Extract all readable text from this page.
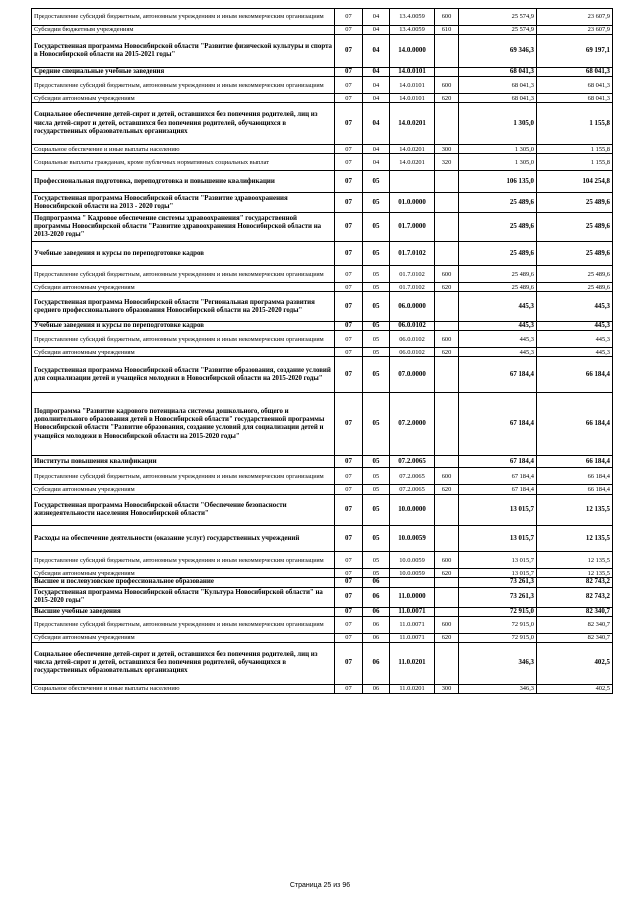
Предоставление субсидий бюджетным, автономным учреждениям и иным некоммерческим организациям	07	04	13.4.0059	600	25 574,9	23 607,9
Субсидии бюджетным учреждениям	07	04	13.4.0059	610	25 574,9	23 607,9
Государственная программа Новосибирской области "Развитие физической культуры и спорта в Новосибирской области на 2015-2021 годы"	07	04	14.0.0000		69 346,3	69 197,1
Средние специальные учебные заведения	07	04	14.0.0101		68 041,3	68 041,3
Предоставление субсидий бюджетным, автономным учреждениям и иным некоммерческим организациям	07	04	14.0.0101	600	68 041,3	68 041,3
Субсидии автономным учреждениям	07	04	14.0.0101	620	68 041,3	68 041,3
Социальное обеспечение детей-сирот и детей, оставшихся без попечения родителей, лиц из числа детей-сирот и детей, оставшихся без попечения родителей, обучающихся в государственных образовательных организациях	07	04	14.0.0201		1 305,0	1 155,8
Социальное обеспечение и иные выплаты населению	07	04	14.0.0201	300	1 305,0	1 155,8
Социальные выплаты гражданам, кроме публичных нормативных социальных выплат	07	04	14.0.0201	320	1 305,0	1 155,8
Профессиональная подготовка, переподготовка и повышение квалификации	07	05			106 135,0	104 254,8
Государственная программа Новосибирской области "Развитие здравоохранения Новосибирской области на 2013 - 2020 годы"	07	05	01.0.0000		25 489,6	25 489,6
Подпрограмма " Кадровое обеспечение системы здравоохранения" государственной программы Новосибирской области "Развитие здравоохранения Новосибирской области на 2013-2020 годы"	07	05	01.7.0000		25 489,6	25 489,6
Учебные заведения и курсы по переподготовке кадров	07	05	01.7.0102		25 489,6	25 489,6
Предоставление субсидий бюджетным, автономным учреждениям и иным некоммерческим организациям	07	05	01.7.0102	600	25 489,6	25 489,6
Субсидии автономным учреждениям	07	05	01.7.0102	620	25 489,6	25 489,6
Государственная программа Новосибирской области "Региональная программа развития среднего профессионального образования Новосибирской области на 2015-2020 годы"	07	05	06.0.0000		445,3	445,3
Учебные заведения и курсы по переподготовке кадров	07	05	06.0.0102		445,3	445,3
Предоставление субсидий бюджетным, автономным учреждениям и иным некоммерческим организациям	07	05	06.0.0102	600	445,3	445,3
Субсидии автономным учреждениям	07	05	06.0.0102	620	445,3	445,3
Государственная программа Новосибирской области "Развитие образования, создание условий для социализации детей и учащейся молодежи в Новосибирской области на 2015-2020 годы"	07	05	07.0.0000		67 184,4	66 184,4
Подпрограмма "Развитие кадрового потенциала системы дошкольного, общего и дополнительного образования детей в Новосибирской области" государственной программы Новосибирской области "Развитие образования, создание условий для социализации детей и учащейся молодежи в Новосибирской области на 2015-2020 годы"	07	05	07.2.0000		67 184,4	66 184,4
Институты повышения квалификации	07	05	07.2.0065		67 184,4	66 184,4
Предоставление субсидий бюджетным, автономным учреждениям и иным некоммерческим организациям	07	05	07.2.0065	600	67 184,4	66 184,4
Субсидии автономным учреждениям	07	05	07.2.0065	620	67 184,4	66 184,4
Государственная программа Новосибирской области "Обеспечение безопасности жизнедеятельности населения Новосибирской области"	07	05	10.0.0000		13 015,7	12 135,5
Расходы на обеспечение деятельности (оказание услуг) государственных учреждений	07	05	10.0.0059		13 015,7	12 135,5
Предоставление субсидий бюджетным, автономным учреждениям и иным некоммерческим организациям	07	05	10.0.0059	600	13 015,7	12 135,5
Субсидии автономным учреждениям	07	05	10.0.0059	620	13 015,7	12 135,5
Высшее и послевузовское профессиональное образование	07	06			73 261,3	82 743,2
Государственная программа Новосибирской области "Культура Новосибирской области" на 2015-2020 годы"	07	06	11.0.0000		73 261,3	82 743,2
Высшие учебные заведения	07	06	11.0.0071		72 915,0	82 340,7
Предоставление субсидий бюджетным, автономным учреждениям и иным некоммерческим организациям	07	06	11.0.0071	600	72 915,0	82 340,7
Субсидии автономным учреждениям	07	06	11.0.0071	620	72 915,0	82 340,7
Социальное обеспечение детей-сирот и детей, оставшихся без попечения родителей, лиц из числа детей-сирот и детей, оставшихся без попечения родителей, обучающихся в государственных образовательных организациях	07	06	11.0.0201		346,3	402,5
Социальное обеспечение и иные выплаты населению	07	06	11.0.0201	300	346,3	402,5
Страница 25 из 96
